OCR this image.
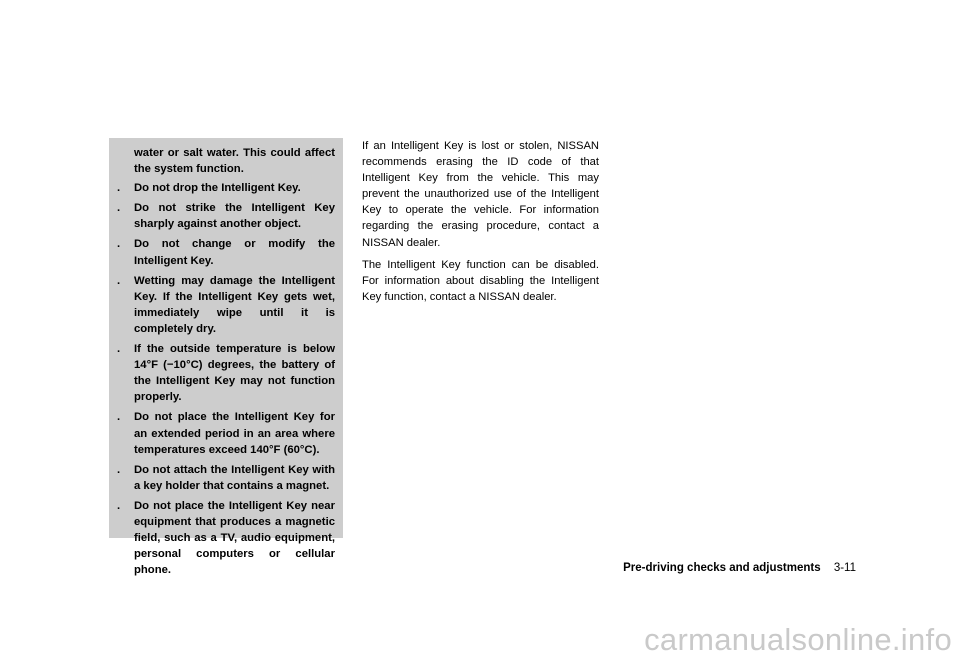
water or salt water. This could affect the system function.

.	Do not drop the Intelligent Key.
.	Do not strike the Intelligent Key sharply against another object.
.	Do not change or modify the Intelligent Key.
.	Wetting may damage the Intelligent Key. If the Intelligent Key gets wet, immediately wipe until it is completely dry.
.	If the outside temperature is below 14°F (−10°C) degrees, the battery of the Intelligent Key may not function properly.
.	Do not place the Intelligent Key for an extended period in an area where temperatures exceed 140°F (60°C).
.	Do not attach the Intelligent Key with a key holder that contains a magnet.
.	Do not place the Intelligent Key near equipment that produces a magnetic field, such as a TV, audio equipment, personal computers or cellular phone.

If an Intelligent Key is lost or stolen, NISSAN recommends erasing the ID code of that Intelligent Key from the vehicle. This may prevent the unauthorized use of the Intelligent Key to operate the vehicle. For information regarding the erasing procedure, contact a NISSAN dealer.

The Intelligent Key function can be disabled. For information about disabling the Intelligent Key function, contact a NISSAN dealer.

Pre-driving checks and adjustments 3-11
carmanualsonline.info
